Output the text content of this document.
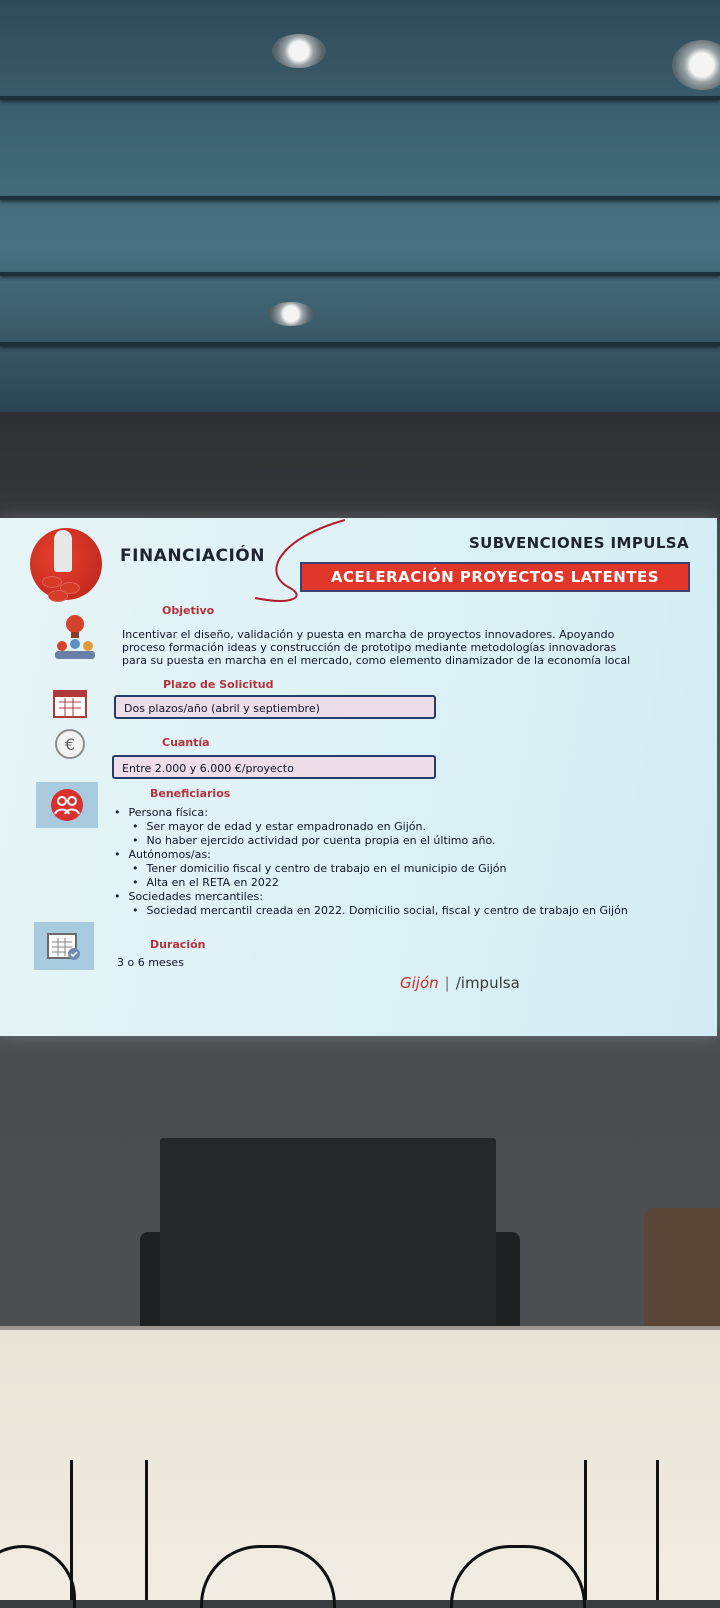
FINANCIACIÓN
SUBVENCIONES IMPULSA
ACELERACIÓN PROYECTOS LATENTES
Objetivo
Incentivar el diseño, validación y puesta en marcha de proyectos innovadores. Apoyando proceso formación ideas y construcción de prototipo mediante metodologías innovadoras para su puesta en marcha en el mercado, como elemento dinamizador de la economía local
Plazo de Solicitud
Dos plazos/año (abril y septiembre)
€	Cuantía
Entre 2.000 y 6.000 €/proyecto
Beneficiarios
• Persona física:
• Ser mayor de edad y estar empadronado en Gijón.
• No haber ejercido actividad por cuenta propia en el último año.
• Autónomos/as:
• Tener domicilio fiscal y centro de trabajo en el municipio de Gijón
• Alta en el RETA en 2022
• Sociedades mercantiles:
• Sociedad mercantil creada en 2022. Domicilio social, fiscal y centro de trabajo en Gijón
Duración
3 o 6 meses
Gijón | /impulsa
